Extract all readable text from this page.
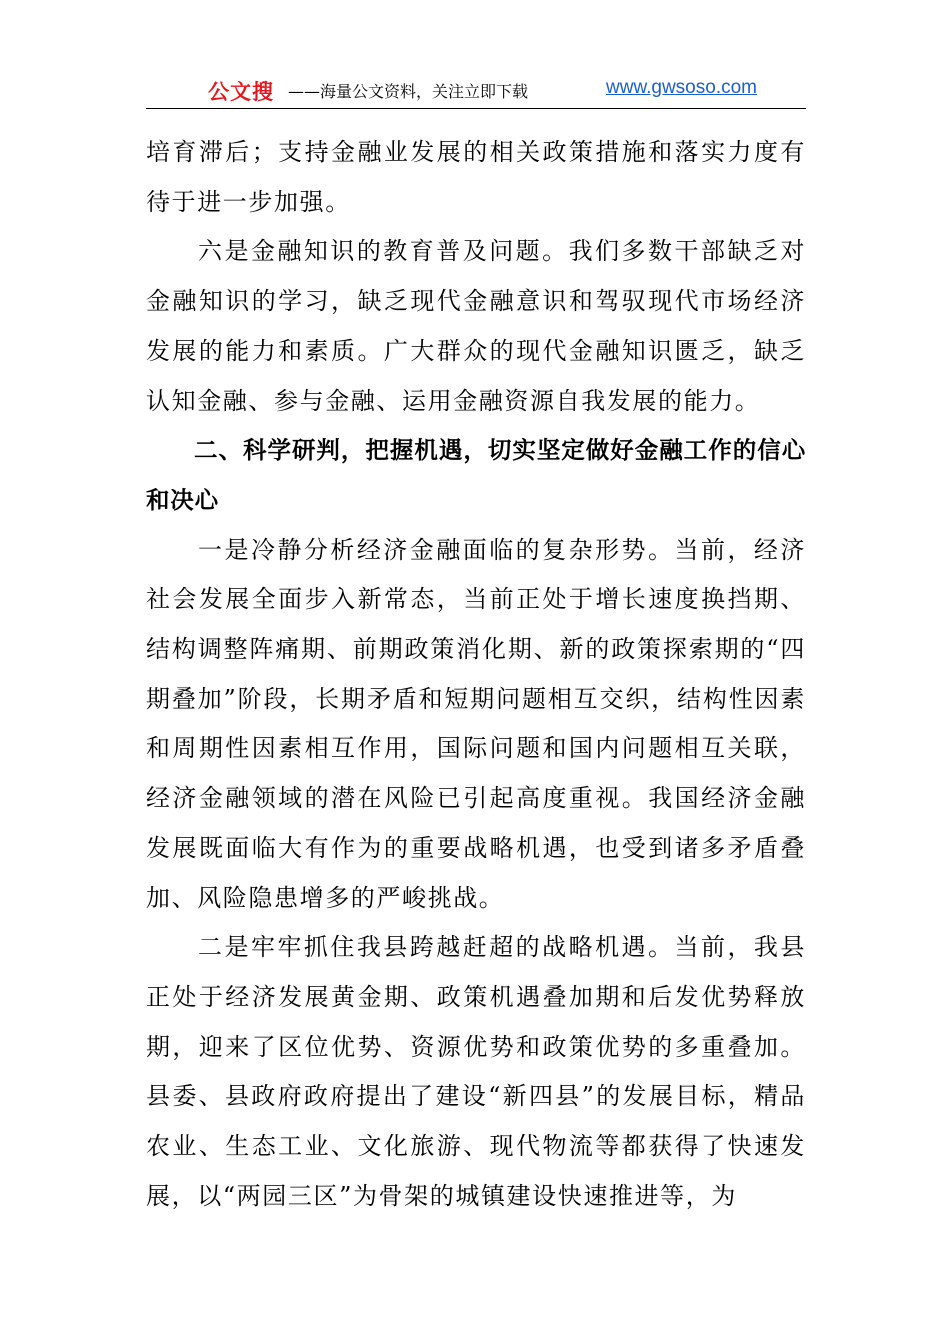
公文搜 ——海量公文资料，关注立即下载	www.gwsoso.com

培育滞后；支持金融业发展的相关政策措施和落实力度有待于进一步加强。

六是金融知识的教育普及问题。我们多数干部缺乏对金融知识的学习，缺乏现代金融意识和驾驭现代市场经济发展的能力和素质。广大群众的现代金融知识匮乏，缺乏认知金融、参与金融、运用金融资源自我发展的能力。

二、科学研判，把握机遇，切实坚定做好金融工作的信心和决心

一是冷静分析经济金融面临的复杂形势。当前，经济社会发展全面步入新常态，当前正处于增长速度换挡期、结构调整阵痛期、前期政策消化期、新的政策探索期的“四期叠加”阶段，长期矛盾和短期问题相互交织，结构性因素和周期性因素相互作用，国际问题和国内问题相互关联，经济金融领域的潜在风险已引起高度重视。我国经济金融发展既面临大有作为的重要战略机遇，也受到诸多矛盾叠加、风险隐患增多的严峻挑战。

二是牢牢抓住我县跨越赶超的战略机遇。当前，我县正处于经济发展黄金期、政策机遇叠加期和后发优势释放期，迎来了区位优势、资源优势和政策优势的多重叠加。县委、县政府政府提出了建设“新四县”的发展目标，精品农业、生态工业、文化旅游、现代物流等都获得了快速发展，以“两园三区”为骨架的城镇建设快速推进等，为
